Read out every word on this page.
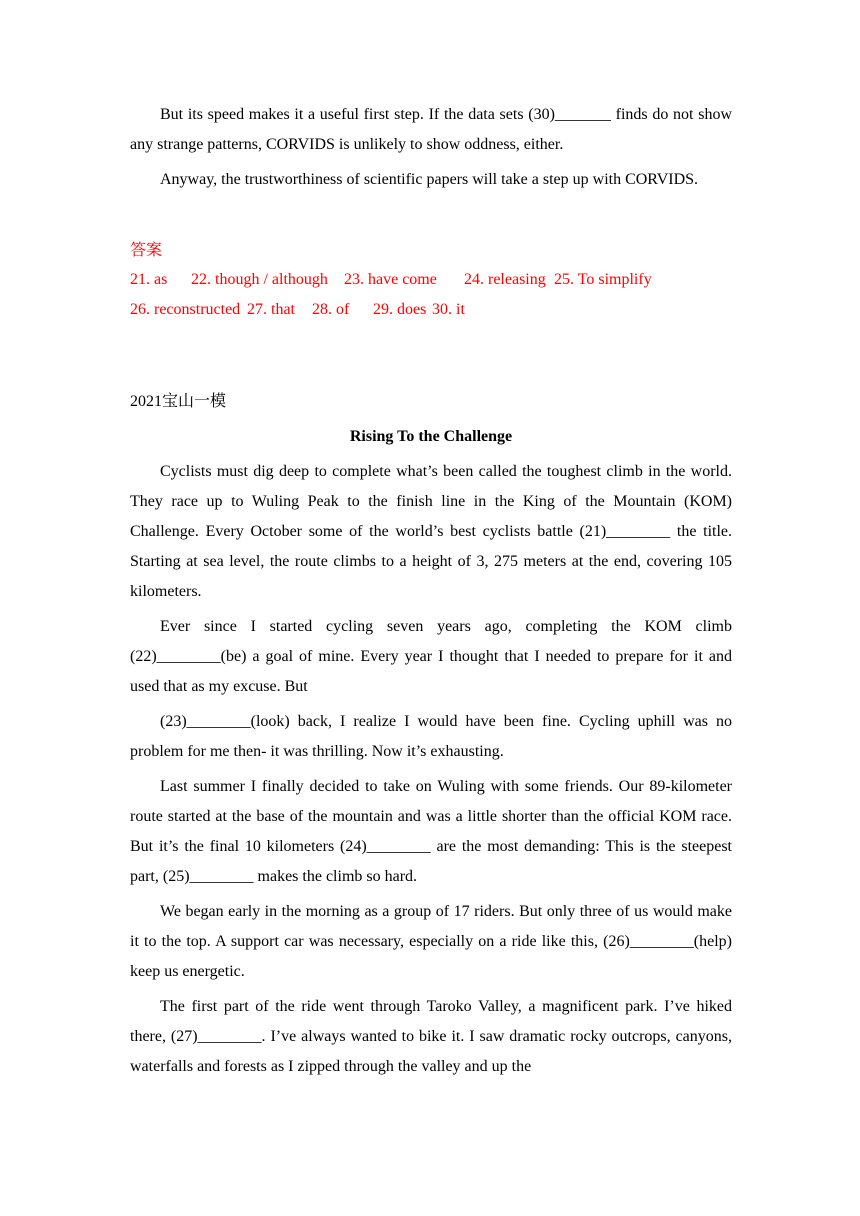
But its speed makes it a useful first step. If the data sets (30)_______ finds do not show any strange patterns, CORVIDS is unlikely to show oddness, either.

Anyway, the trustworthiness of scientific papers will take a step up with CORVIDS.

答案
21. as 22. though / although 23. have come 24. releasing 25. To simplify
26. reconstructed 27. that 28. of 29. does 30. it
2021宝山一模
Rising To the Challenge

Cyclists must dig deep to complete what’s been called the toughest climb in the world. They race up to Wuling Peak to the finish line in the King of the Mountain (KOM) Challenge. Every October some of the world’s best cyclists battle (21)________ the title. Starting at sea level, the route climbs to a height of 3, 275 meters at the end, covering 105 kilometers.

Ever since I started cycling seven years ago, completing the KOM climb (22)________(be) a goal of mine. Every year I thought that I needed to prepare for it and used that as my excuse. But

(23)________(look) back, I realize I would have been fine. Cycling uphill was no problem for me then- it was thrilling. Now it’s exhausting.

Last summer I finally decided to take on Wuling with some friends. Our 89-kilometer route started at the base of the mountain and was a little shorter than the official KOM race. But it’s the final 10 kilometers (24)________ are the most demanding: This is the steepest part, (25)________ makes the climb so hard.

We began early in the morning as a group of 17 riders. But only three of us would make it to the top. A support car was necessary, especially on a ride like this, (26)________(help) keep us energetic.

The first part of the ride went through Taroko Valley, a magnificent park. I’ve hiked there, (27)________. I’ve always wanted to bike it. I saw dramatic rocky outcrops, canyons, waterfalls and forests as I zipped through the valley and up the
